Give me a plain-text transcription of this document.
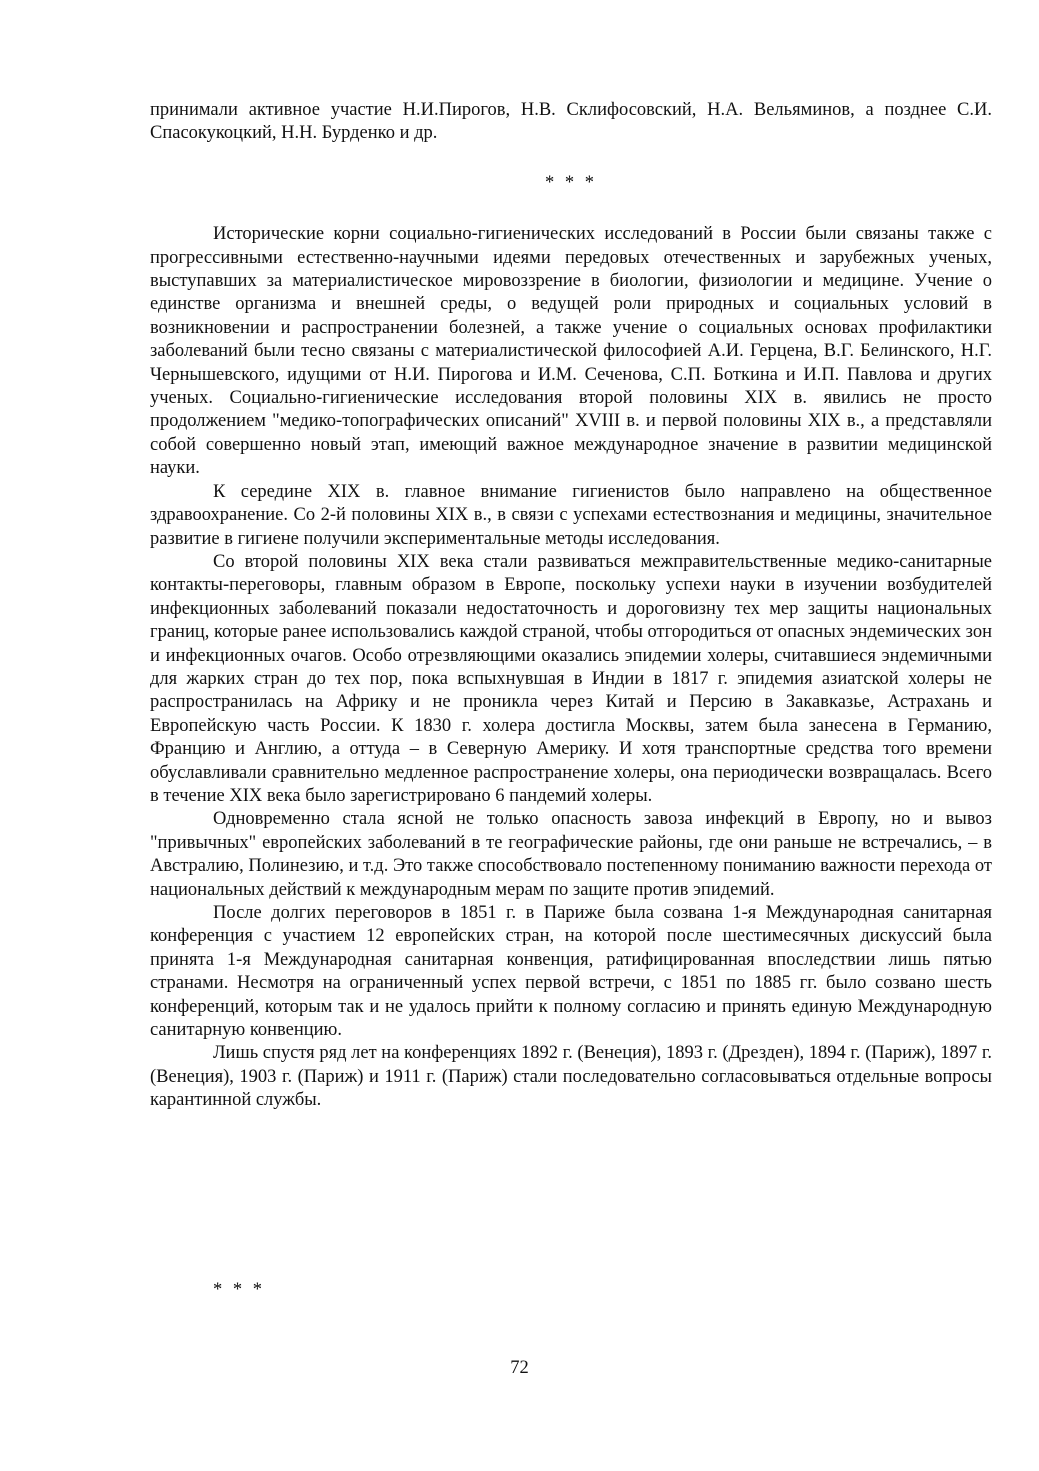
принимали активное участие Н.И.Пирогов, Н.В. Склифосовский, Н.А. Вельяминов, а позднее С.И. Спасокукоцкий, Н.Н. Бурденко и др.

* * *

Исторические корни социально-гигиенических исследований в России были связаны также с прогрессивными естественно-научными идеями передовых отечественных и зарубежных ученых, выступавших за материалистическое мировоззрение в биологии, физиологии и медицине. Учение о единстве организма и внешней среды, о ведущей роли природных и социальных условий в возникновении и распространении болезней, а также учение о социальных основах профилактики заболеваний были тесно связаны с материалистической философией А.И. Герцена, В.Г. Белинского, Н.Г. Чернышевского, идущими от Н.И. Пирогова и И.М. Сеченова, С.П. Боткина и И.П. Павлова и других ученых. Социально-гигиенические исследования второй половины XIX в. явились не просто продолжением "медико-топографических описаний" XVIII в. и первой половины XIX в., а представляли собой совершенно новый этап, имеющий важное международное значение в развитии медицинской науки.

К середине XIX в. главное внимание гигиенистов было направлено на общественное здравоохранение. Со 2-й половины XIX в., в связи с успехами естествознания и медицины, значительное развитие в гигиене получили экспериментальные методы исследования.

Со второй половины XIX века стали развиваться межправительственные медико-санитарные контакты-переговоры, главным образом в Европе, поскольку успехи науки в изучении возбудителей инфекционных заболеваний показали недостаточность и дороговизну тех мер защиты национальных границ, которые ранее использовались каждой страной, чтобы отгородиться от опасных эндемических зон и инфекционных очагов. Особо отрезвляющими оказались эпидемии холеры, считавшиеся эндемичными для жарких стран до тех пор, пока вспыхнувшая в Индии в 1817 г. эпидемия азиатской холеры не распространилась на Африку и не проникла через Китай и Персию в Закавказье, Астрахань и Европейскую часть России. К 1830 г. холера достигла Москвы, затем была занесена в Германию, Францию и Англию, а оттуда – в Северную Америку. И хотя транспортные средства того времени обуславливали сравнительно медленное распространение холеры, она периодически возвращалась. Всего в течение XIX века было зарегистрировано 6 пандемий холеры.

Одновременно стала ясной не только опасность завоза инфекций в Европу, но и вывоз "привычных" европейских заболеваний в те географические районы, где они раньше не встречались, – в Австралию, Полинезию, и т.д. Это также способствовало постепенному пониманию важности перехода от национальных действий к международным мерам по защите против эпидемий.

После долгих переговоров в 1851 г. в Париже была созвана 1-я Международная санитарная конференция с участием 12 европейских стран, на которой после шестимесячных дискуссий была принята 1-я Международная санитарная конвенция, ратифицированная впоследствии лишь пятью странами. Несмотря на ограниченный успех первой встречи, с 1851 по 1885 гг. было созвано шесть конференций, которым так и не удалось прийти к полному согласию и принять единую Международную санитарную конвенцию.

Лишь спустя ряд лет на конференциях 1892 г. (Венеция), 1893 г. (Дрезден), 1894 г. (Париж), 1897 г. (Венеция), 1903 г. (Париж) и 1911 г. (Париж) стали последовательно согласовываться отдельные вопросы карантинной службы.

* * *
72
